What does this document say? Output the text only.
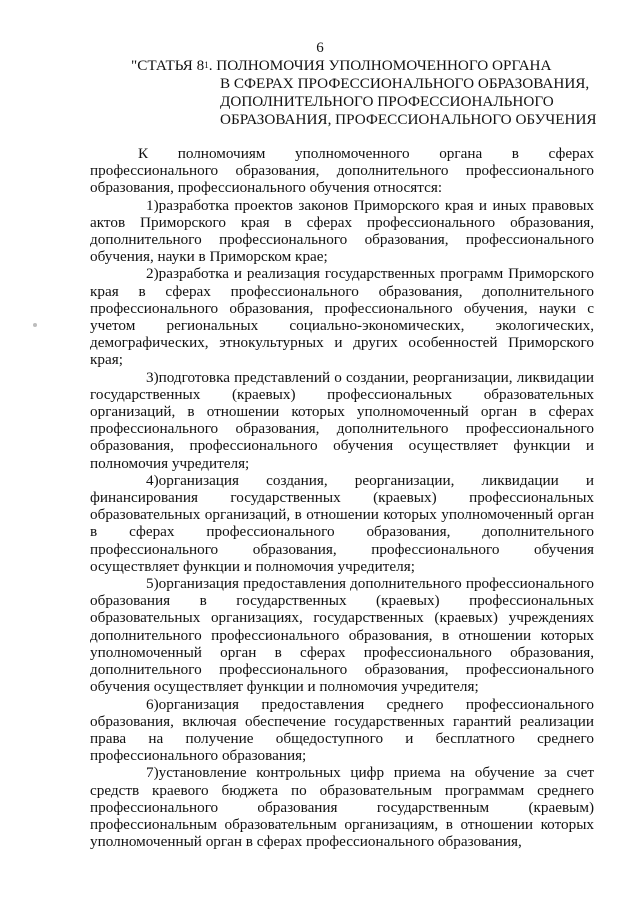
6
"СТАТЬЯ $8^1$. ПОЛНОМОЧИЯ УПОЛНОМОЧЕННОГО ОРГАНА
В СФЕРАХ ПРОФЕССИОНАЛЬНОГО ОБРАЗОВАНИЯ,
ДОПОЛНИТЕЛЬНОГО ПРОФЕССИОНАЛЬНОГО
ОБРАЗОВАНИЯ, ПРОФЕССИОНАЛЬНОГО ОБУЧЕНИЯ

К полномочиям уполномоченного органа в сферах профессионального образования, дополнительного профессионального образования, профессионального обучения относятся:

1)разработка проектов законов Приморского края и иных правовых актов Приморского края в сферах профессионального образования, дополнительного профессионального образования, профессионального обучения, науки в Приморском крае;

2)разработка и реализация государственных программ Приморского края в сферах профессионального образования, дополнительного профессионального образования, профессионального обучения, науки с учетом региональных социально-экономических, экологических, демографических, этнокультурных и других особенностей Приморского края;

3)подготовка представлений о создании, реорганизации, ликвидации государственных (краевых) профессиональных образовательных организаций, в отношении которых уполномоченный орган в сферах профессионального образования, дополнительного профессионального образования, профессионального обучения осуществляет функции и полномочия учредителя;

4)организация создания, реорганизации, ликвидации и финансирования государственных (краевых) профессиональных образовательных организаций, в отношении которых уполномоченный орган в сферах профессионального образования, дополнительного профессионального образования, профессионального обучения осуществляет функции и полномочия учредителя;

5)организация предоставления дополнительного профессионального образования в государственных (краевых) профессиональных образовательных организациях, государственных (краевых) учреждениях дополнительного профессионального образования, в отношении которых уполномоченный орган в сферах профессионального образования, дополнительного профессионального образования, профессионального обучения осуществляет функции и полномочия учредителя;

6)организация предоставления среднего профессионального образования, включая обеспечение государственных гарантий реализации права на получение общедоступного и бесплатного среднего профессионального образования;

7)установление контрольных цифр приема на обучение за счет средств краевого бюджета по образовательным программам среднего профессионального образования государственным (краевым) профессиональным образовательным организациям, в отношении которых уполномоченный орган в сферах профессионального образования,
